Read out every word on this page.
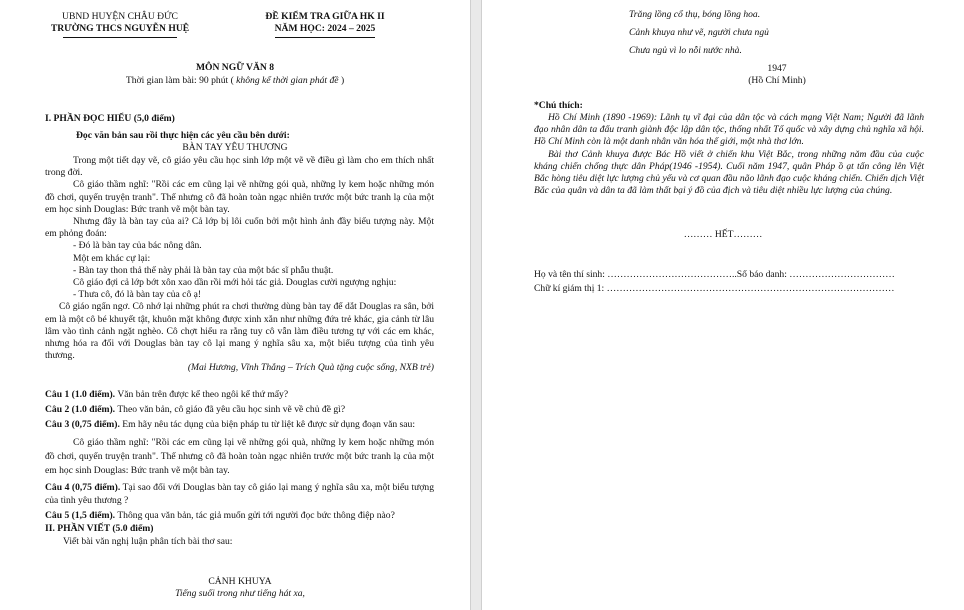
UBND HUYỆN CHÂU ĐỨC
TRƯỜNG THCS NGUYỄN HUỆ
ĐỀ KIỂM TRA GIỮA HK II
NĂM HỌC: 2024 – 2025
MÔN NGỮ VĂN 8
Thời gian làm bài: 90 phút ( không kể thời gian phát đề )
I. PHẦN ĐỌC HIỂU (5,0 điểm)
Đọc văn bản sau rồi thực hiện các yêu cầu bên dưới:
BÀN TAY YÊU THƯƠNG

Trong một tiết dạy vẽ, cô giáo yêu cầu học sinh lớp một vẽ về điều gì làm cho em thích nhất trong đời.

Cô giáo thầm nghĩ: "Rồi các em cũng lại vẽ những gói quà, những ly kem hoặc những món đồ chơi, quyển truyện tranh". Thế nhưng cô đã hoàn toàn ngạc nhiên trước một bức tranh lạ của một em học sinh Douglas: Bức tranh vẽ một bàn tay.

Nhưng đây là bàn tay của ai? Cả lớp bị lôi cuốn bởi một hình ảnh đầy biểu tượng này. Một em phỏng đoán:

- Đó là bàn tay của bác nông dân.

Một em khác cự lại:

- Bàn tay thon thả thế này phải là bàn tay của một bác sĩ phẫu thuật.

Cô giáo đợi cả lớp bớt xôn xao dần rồi mới hỏi tác giả. Douglas cười ngượng nghịu:

- Thưa cô, đó là bàn tay của cô ạ!

Cô giáo ngẩn ngơ. Cô nhớ lại những phút ra chơi thường dùng bàn tay để dắt Douglas ra sân, bởi em là một cô bé khuyết tật, khuôn mặt không được xinh xắn như những đứa trẻ khác, gia cảnh từ lâu lâm vào tình cảnh ngặt nghèo. Cô chợt hiểu ra rằng tuy cô vẫn làm điều tương tự với các em khác, nhưng hóa ra đối với Douglas bàn tay cô lại mang ý nghĩa sâu xa, một biểu tượng của tình yêu thương.

(Mai Hương, Vĩnh Thắng – Trích Quà tặng cuộc sống, NXB trẻ)

Câu 1 (1.0 điểm). Văn bản trên được kể theo ngôi kể thứ mấy?

Câu 2 (1.0 điểm). Theo văn bản, cô giáo đã yêu cầu học sinh vẽ về chủ đề gì?

Câu 3 (0,75 điểm). Em hãy nêu tác dụng của biện pháp tu từ liệt kê được sử dụng đoạn văn sau:

Cô giáo thầm nghĩ: "Rồi các em cũng lại vẽ những gói quà, những ly kem hoặc những món đồ chơi, quyển truyện tranh". Thế nhưng cô đã hoàn toàn ngạc nhiên trước một bức tranh lạ của một em học sinh Douglas: Bức tranh vẽ một bàn tay.

Câu 4 (0,75 điểm). Tại sao đối với Douglas bàn tay cô giáo lại mang ý nghĩa sâu xa, một biểu tượng của tình yêu thương ?

Câu 5 (1,5 điểm). Thông qua văn bản, tác giả muốn gửi tới người đọc bức thông điệp nào?

II. PHẦN VIẾT (5.0 điểm)

Viết bài văn nghị luận phân tích bài thơ sau:

CẢNH KHUYA
Tiếng suối trong như tiếng hát xa,
Trăng lồng cổ thụ, bóng lồng hoa.
Cảnh khuya như vẽ, người chưa ngủ
Chưa ngủ vì lo nỗi nước nhà.
1947
(Hồ Chí Minh)
*Chú thích:

Hồ Chí Minh (1890 -1969): Lãnh tụ vĩ đại của dân tộc và cách mạng Việt Nam; Người đã lãnh đạo nhân dân ta đấu tranh giành độc lập dân tộc, thống nhất Tổ quốc và xây dựng chủ nghĩa xã hội. Hồ Chí Minh còn là một danh nhân văn hóa thế giới, một nhà thơ lớn.

Bài thơ Cảnh khuya được Bác Hồ viết ở chiến khu Việt Bắc, trong những năm đầu của cuộc kháng chiến chống thực dân Pháp(1946 -1954). Cuối năm 1947, quân Pháp ồ ạt tấn công lên Việt Bắc hòng tiêu diệt lực lượng chủ yếu và cơ quan đầu não lãnh đạo cuộc kháng chiến. Chiến dịch Việt Bắc của quân và dân ta đã làm thất bại ý đồ của địch và tiêu diệt nhiều lực lượng của chúng.

……… HẾT………
Họ và tên thí sinh: …………………………………..Số báo danh: ……………………………
Chữ kí giám thị 1: ………………………………………………………………………………
